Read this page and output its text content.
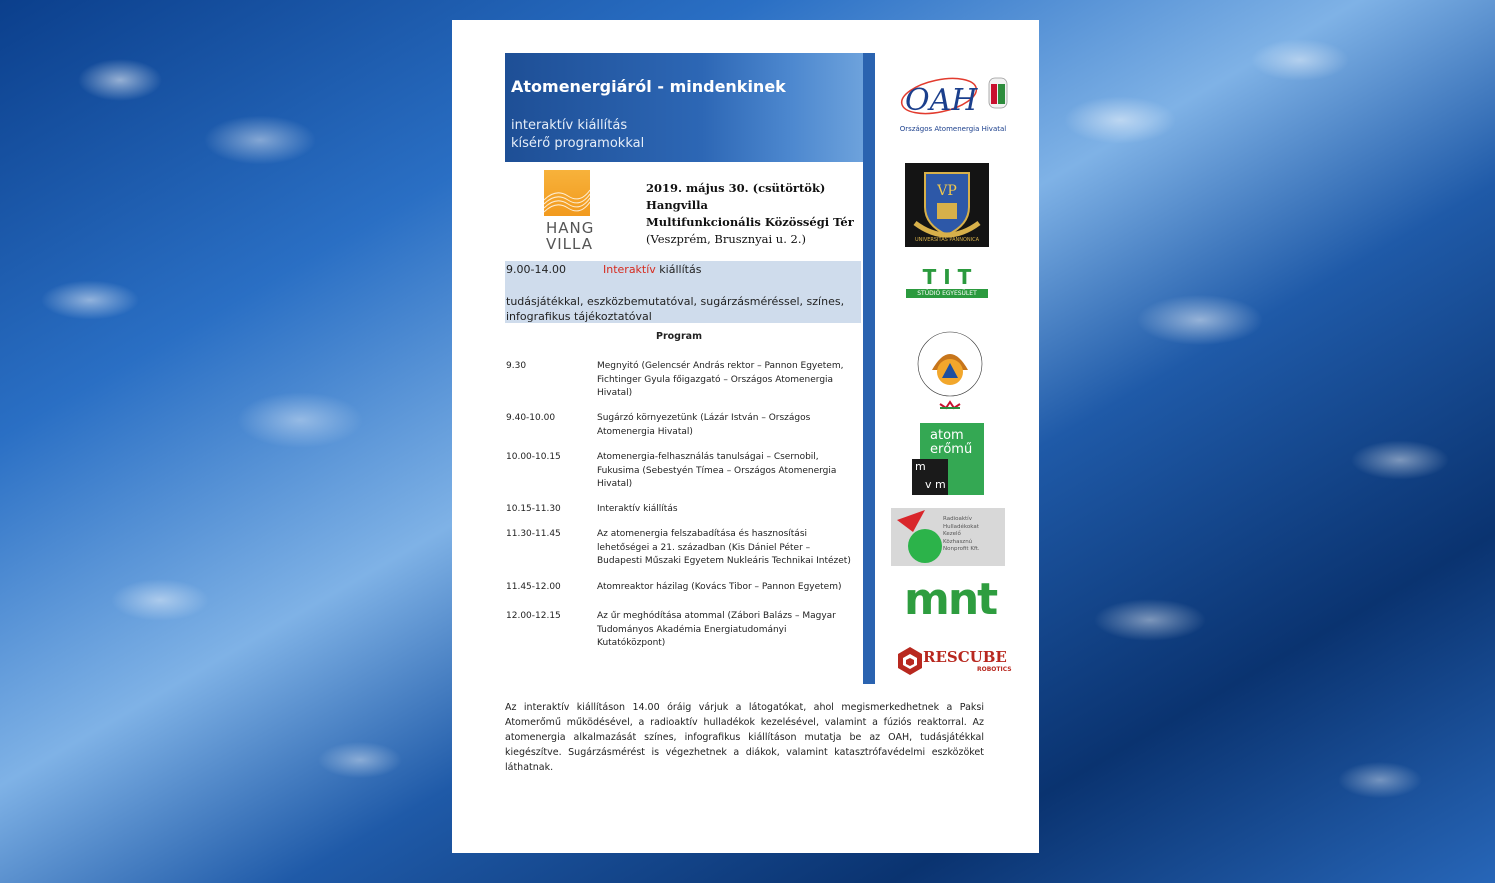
Atomenergiáról - mindenkinek
interaktív kiállítás
kísérő programokkal
HANG
VILLA
2019. május 30. (csütörtök)
Hangvilla
Multifunkcionális Közösségi Tér
(Veszprém, Brusznyai u. 2.)
9.00-14.00	Interaktív kiállítás
tudásjátékkal, eszközbemutatóval, sugárzásméréssel, színes, infografikus tájékoztatóval
Program
9.30	Megnyitó (Gelencsér András rektor – Pannon Egyetem, Fichtinger Gyula főigazgató – Országos Atomenergia Hivatal)
9.40-10.00	Sugárzó környezetünk (Lázár István – Országos Atomenergia Hivatal)
10.00-10.15	Atomenergia-felhasználás tanulságai – Csernobil, Fukusima (Sebestyén Tímea – Országos Atomenergia Hivatal)
10.15-11.30	Interaktív kiállítás
11.30-11.45	Az atomenergia felszabadítása és hasznosítási lehetőségei a 21. században (Kis Dániel Péter – Budapesti Műszaki Egyetem Nukleáris Technikai Intézet)
11.45-12.00	Atomreaktor házilag (Kovács Tibor – Pannon Egyetem)
12.00-12.15	Az űr meghódítása atommal (Zábori Balázs – Magyar Tudományos Akadémia Energiatudományi Kutatóközpont)
Az interaktív kiállításon 14.00 óráig várjuk a látogatókat, ahol megismerkedhetnek a Paksi Atomerőmű működésével, a radioaktív hulladékok kezelésével, valamint a fúziós reaktorral. Az atomenergia alkalmazását színes, infografikus kiállításon mutatja be az OAH, tudásjátékkal kiegészítve. Sugárzásmérést is végezhetnek a diákok, valamint katasztrófavédelmi eszközöket láthatnak.
OAH
Országos Atomenergia Hivatal
VP
UNIVERSITAS PANNONICA
T I T
STÚDIÓ EGYESÜLET
atom
erőmű
m
v m
Radioaktív
Hulladékokat
Kezelő
Közhasznú
Nonprofit Kft.
mnt
RESCUBE
ROBOTICS
